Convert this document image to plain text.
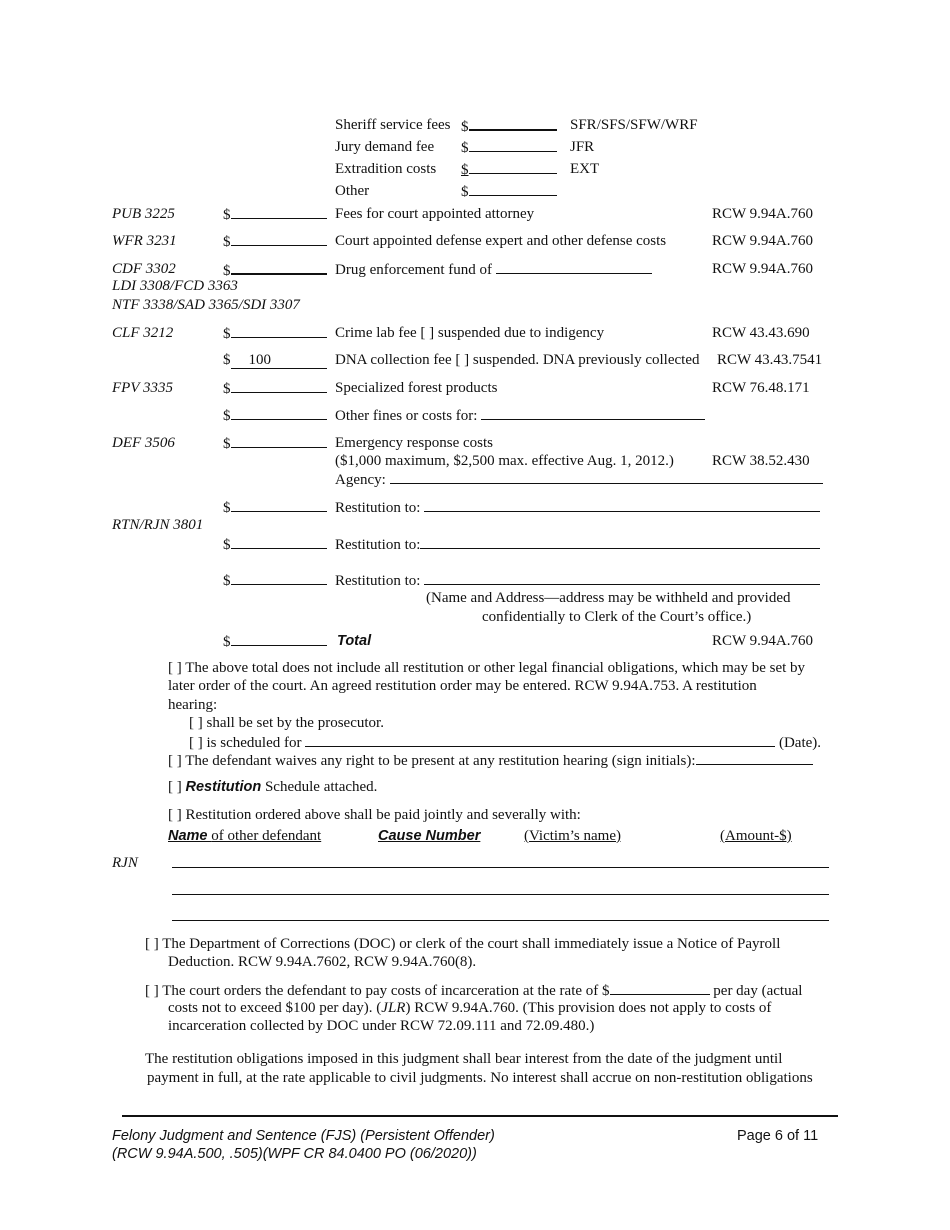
Sheriff service fees $	SFR/SFS/SFW/WRF
Jury demand fee $	JFR
Extradition costs $	EXT
Other	$
PUB 3225	$	Fees for court appointed attorney	RCW 9.94A.760
WFR 3231	$	Court appointed defense expert and other defense costs	RCW 9.94A.760
CDF 3302
LDI 3308/FCD 3363
NTF 3338/SAD 3365/SDI 3307
$	Drug enforcement fund of	RCW 9.94A.760
CLF 3212	$	Crime lab fee [ ] suspended due to indigency	RCW 43.43.690
$ 100	DNA collection fee [ ] suspended. DNA previously collected RCW 43.43.7541
FPV 3335	$	Specialized forest products	RCW 76.48.171
$	Other fines or costs for:
DEF 3506	$	Emergency response costs
($1,000 maximum, $2,500 max. effective Aug. 1, 2012.)	RCW 38.52.430
Agency:
$	Restitution to:
RTN/RJN 3801
$	Restitution to:
$	Restitution to:
(Name and Address—address may be withheld and provided
confidentially to Clerk of the Court’s office.)
$	Total	RCW 9.94A.760
[ ] The above total does not include all restitution or other legal financial obligations, which may be set by
later order of the court. An agreed restitution order may be entered. RCW 9.94A.753. A restitution
hearing:
[ ] shall be set by the prosecutor.
[ ] is scheduled for	(Date).
[ ] The defendant waives any right to be present at any restitution hearing (sign initials):
[ ] Restitution Schedule attached.
[ ] Restitution ordered above shall be paid jointly and severally with:
Name of other defendant	Cause Number	(Victim’s name)	(Amount-$)
RJN
[ ] The Department of Corrections (DOC) or clerk of the court shall immediately issue a Notice of Payroll
Deduction. RCW 9.94A.7602, RCW 9.94A.760(8).
[ ] The court orders the defendant to pay costs of incarceration at the rate of $	per day (actual
costs not to exceed $100 per day). (JLR) RCW 9.94A.760. (This provision does not apply to costs of
incarceration collected by DOC under RCW 72.09.111 and 72.09.480.)
The restitution obligations imposed in this judgment shall bear interest from the date of the judgment until
payment in full, at the rate applicable to civil judgments. No interest shall accrue on non-restitution obligations
Felony Judgment and Sentence (FJS) (Persistent Offender)
(RCW 9.94A.500, .505)(WPF CR 84.0400 PO (06/2020))
Page 6 of 11
